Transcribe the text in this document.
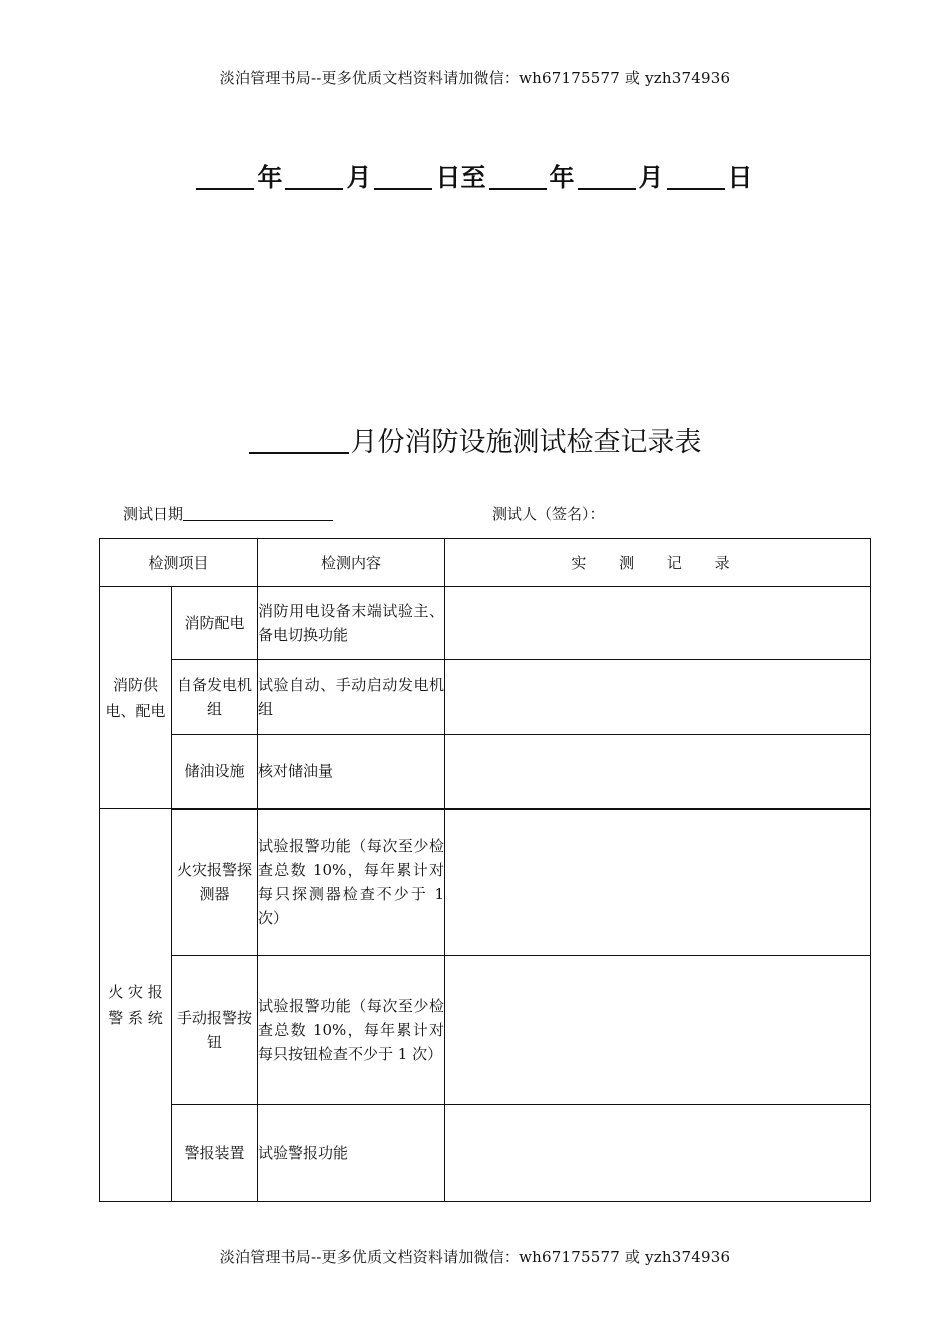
淡泊管理书局--更多优质文档资料请加微信：wh67175577 或 yzh374936
年	月	日至	年	月	日
月份消防设施测试检查记录表
测试日期	测试人（签名）：
检测项目		检测内容	实 测 记 录
消防供电、配电	消防配电	消防用电设备末端试验主、备电切换功能	
	自备发电机 组	试验自动、手动启动发电机组	
	储油设施	核对储油量	
火 灾 报 警 系 统	火灾报警探测器	试验报警功能（每次至少检查总数 10%，每年累计对每只探测器检查不少于 1 次）	
	手动报警按钮	试验报警功能（每次至少检查总数 10%，每年累计对每只按钮检查不少于 1 次）	
	警报装置	试验警报功能	
淡泊管理书局--更多优质文档资料请加微信：wh67175577 或 yzh374936
